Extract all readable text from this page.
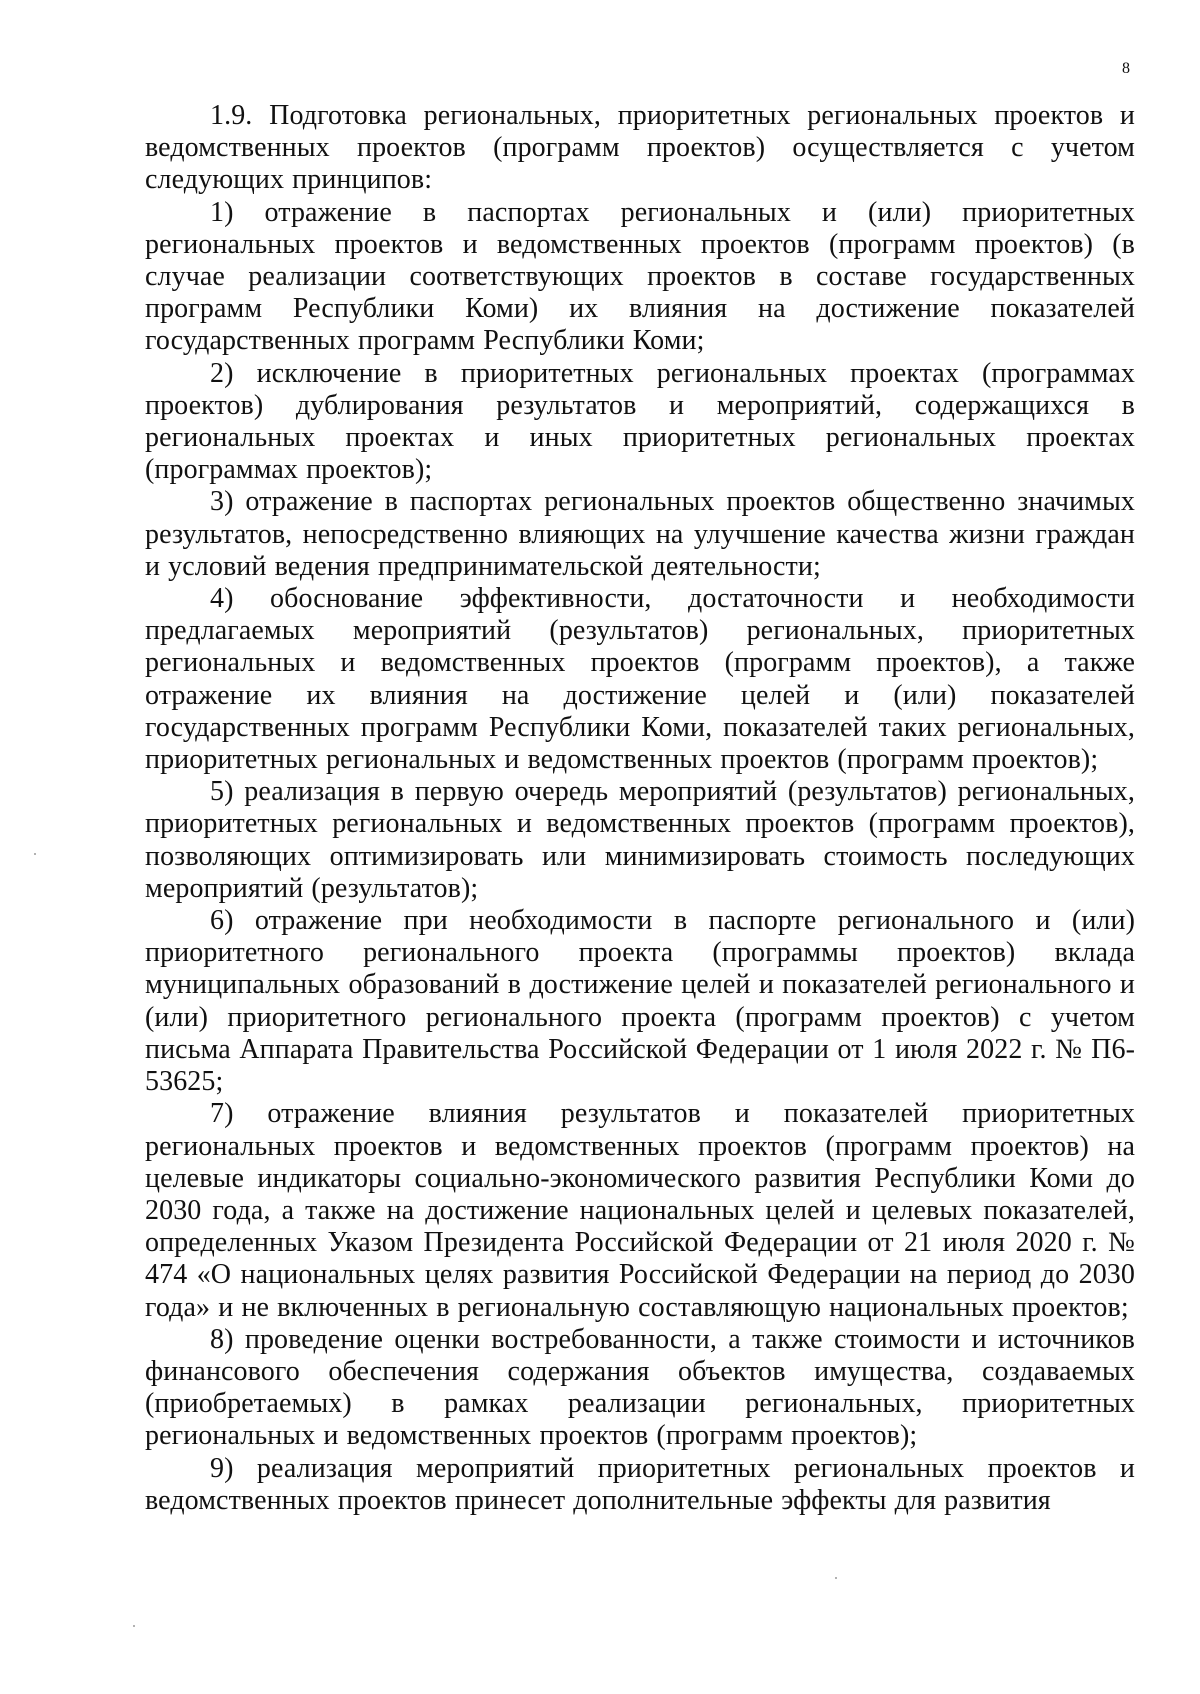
8

1.9. Подготовка региональных, приоритетных региональных проектов и ведомственных проектов (программ проектов) осуществляется с учетом следующих принципов:

1) отражение в паспортах региональных и (или) приоритетных региональных проектов и ведомственных проектов (программ проектов) (в случае реализации соответствующих проектов в составе государственных программ Республики Коми) их влияния на достижение показателей государственных программ Республики Коми;

2) исключение в приоритетных региональных проектах (программах проектов) дублирования результатов и мероприятий, содержащихся в региональных проектах и иных приоритетных региональных проектах (программах проектов);

3) отражение в паспортах региональных проектов общественно значимых результатов, непосредственно влияющих на улучшение качества жизни граждан и условий ведения предпринимательской деятельности;

4) обоснование эффективности, достаточности и необходимости предлагаемых мероприятий (результатов) региональных, приоритетных региональных и ведомственных проектов (программ проектов), а также отражение их влияния на достижение целей и (или) показателей государственных программ Республики Коми, показателей таких региональных, приоритетных региональных и ведомственных проектов (программ проектов);

5) реализация в первую очередь мероприятий (результатов) региональных, приоритетных региональных и ведомственных проектов (программ проектов), позволяющих оптимизировать или минимизировать стоимость последующих мероприятий (результатов);

6) отражение при необходимости в паспорте регионального и (или) приоритетного регионального проекта (программы проектов) вклада муниципальных образований в достижение целей и показателей регионального и (или) приоритетного регионального проекта (программ проектов) с учетом письма Аппарата Правительства Российской Федерации от 1 июля 2022 г. № П6-53625;

7) отражение влияния результатов и показателей приоритетных региональных проектов и ведомственных проектов (программ проектов) на целевые индикаторы социально-экономического развития Республики Коми до 2030 года, а также на достижение национальных целей и целевых показателей, определенных Указом Президента Российской Федерации от 21 июля 2020 г. № 474 «О национальных целях развития Российской Федерации на период до 2030 года» и не включенных в региональную составляющую национальных проектов;

8) проведение оценки востребованности, а также стоимости и источников финансового обеспечения содержания объектов имущества, создаваемых (приобретаемых) в рамках реализации региональных, приоритетных региональных и ведомственных проектов (программ проектов);

9) реализация мероприятий приоритетных региональных проектов и ведомственных проектов принесет дополнительные эффекты для развития
